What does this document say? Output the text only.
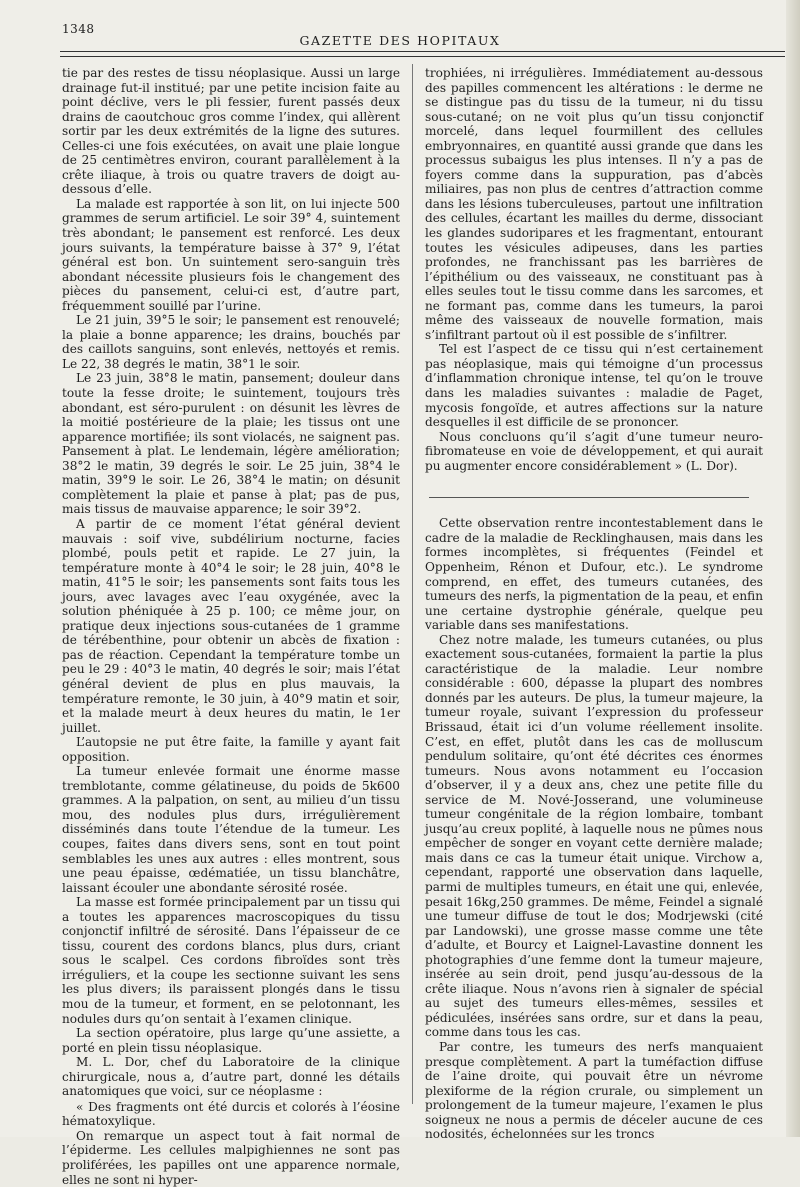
1348
GAZETTE DES HOPITAUX

tie par des restes de tissu néoplasique. Aussi un large drainage fut-il institué; par une petite incision faite au point déclive, vers le pli fessier, furent passés deux drains de caoutchouc gros comme l’index, qui allèrent sortir par les deux extrémités de la ligne des sutures. Celles-ci une fois exécutées, on avait une plaie longue de 25 centimètres environ, courant parallèlement à la crête iliaque, à trois ou quatre travers de doigt au-dessous d’elle.

La malade est rapportée à son lit, on lui injecte 500 grammes de serum artificiel. Le soir 39° 4, suintement très abondant; le pansement est renforcé. Les deux jours suivants, la température baisse à 37° 9, l’état général est bon. Un suintement sero-sanguin très abondant nécessite plusieurs fois le changement des pièces du pansement, celui-ci est, d’autre part, fréquemment souillé par l’urine.

Le 21 juin, 39°5 le soir; le pansement est renouvelé; la plaie a bonne apparence; les drains, bouchés par des caillots sanguins, sont enlevés, nettoyés et remis. Le 22, 38 degrés le matin, 38°1 le soir.

Le 23 juin, 38°8 le matin, pansement; douleur dans toute la fesse droite; le suintement, toujours très abondant, est séro-purulent : on désunit les lèvres de la moitié postérieure de la plaie; les tissus ont une apparence mortifiée; ils sont violacés, ne saignent pas. Pansement à plat. Le lendemain, légère amélioration; 38°2 le matin, 39 degrés le soir. Le 25 juin, 38°4 le matin, 39°9 le soir. Le 26, 38°4 le matin; on désunit complètement la plaie et panse à plat; pas de pus, mais tissus de mauvaise apparence; le soir 39°2.

A partir de ce moment l’état général devient mauvais : soif vive, subdélirium nocturne, facies plombé, pouls petit et rapide. Le 27 juin, la température monte à 40°4 le soir; le 28 juin, 40°8 le matin, 41°5 le soir; les pansements sont faits tous les jours, avec lavages avec l’eau oxygénée, avec la solution phéniquée à 25 p. 100; ce même jour, on pratique deux injections sous-cutanées de 1 gramme de térébenthine, pour obtenir un abcès de fixation : pas de réaction. Cependant la température tombe un peu le 29 : 40°3 le matin, 40 degrés le soir; mais l’état général devient de plus en plus mauvais, la température remonte, le 30 juin, à 40°9 matin et soir, et la malade meurt à deux heures du matin, le 1er juillet.

L’autopsie ne put être faite, la famille y ayant fait opposition.

La tumeur enlevée formait une énorme masse tremblotante, comme gélatineuse, du poids de 5k600 grammes. A la palpation, on sent, au milieu d’un tissu mou, des nodules plus durs, irrégulièrement disséminés dans toute l’étendue de la tumeur. Les coupes, faites dans divers sens, sont en tout point semblables les unes aux autres : elles montrent, sous une peau épaisse, œdématiée, un tissu blanchâtre, laissant écouler une abondante sérosité rosée.

La masse est formée principalement par un tissu qui a toutes les apparences macroscopiques du tissu conjonctif infiltré de sérosité. Dans l’épaisseur de ce tissu, courent des cordons blancs, plus durs, criant sous le scalpel. Ces cordons fibroïdes sont très irréguliers, et la coupe les sectionne suivant les sens les plus divers; ils paraissent plongés dans le tissu mou de la tumeur, et forment, en se pelotonnant, les nodules durs qu’on sentait à l’examen clinique.

La section opératoire, plus large qu’une assiette, a porté en plein tissu néoplasique.

M. L. Dor, chef du Laboratoire de la clinique chirurgicale, nous a, d’autre part, donné les détails anatomiques que voici, sur ce néoplasme :

« Des fragments ont été durcis et colorés à l’éosine hématoxylique.

On remarque un aspect tout à fait normal de l’épiderme. Les cellules malpighiennes ne sont pas proliférées, les papilles ont une apparence normale, elles ne sont ni hyper-

trophiées, ni irrégulières. Immédiatement au-dessous des papilles commencent les altérations : le derme ne se distingue pas du tissu de la tumeur, ni du tissu sous-cutané; on ne voit plus qu’un tissu conjonctif morcelé, dans lequel fourmillent des cellules embryonnaires, en quantité aussi grande que dans les processus subaigus les plus intenses. Il n’y a pas de foyers comme dans la suppuration, pas d’abcès miliaires, pas non plus de centres d’attraction comme dans les lésions tuberculeuses, partout une infiltration des cellules, écartant les mailles du derme, dissociant les glandes sudoripares et les fragmentant, entourant toutes les vésicules adipeuses, dans les parties profondes, ne franchissant pas les barrières de l’épithélium ou des vaisseaux, ne constituant pas à elles seules tout le tissu comme dans les sarcomes, et ne formant pas, comme dans les tumeurs, la paroi même des vaisseaux de nouvelle formation, mais s’infiltrant partout où il est possible de s’infiltrer.

Tel est l’aspect de ce tissu qui n’est certainement pas néoplasique, mais qui témoigne d’un processus d’inflammation chronique intense, tel qu’on le trouve dans les maladies suivantes : maladie de Paget, mycosis fongoïde, et autres affections sur la nature desquelles il est difficile de se prononcer.

Nous concluons qu’il s’agit d’une tumeur neuro-fibromateuse en voie de développement, et qui aurait pu augmenter encore considérablement » (L. Dor).

Cette observation rentre incontestablement dans le cadre de la maladie de Recklinghausen, mais dans les formes incomplètes, si fréquentes (Feindel et Oppenheim, Rénon et Dufour, etc.). Le syndrome comprend, en effet, des tumeurs cutanées, des tumeurs des nerfs, la pigmentation de la peau, et enfin une certaine dystrophie générale, quelque peu variable dans ses manifestations.

Chez notre malade, les tumeurs cutanées, ou plus exactement sous-cutanées, formaient la partie la plus caractéristique de la maladie. Leur nombre considérable : 600, dépasse la plupart des nombres donnés par les auteurs. De plus, la tumeur majeure, la tumeur royale, suivant l’expression du professeur Brissaud, était ici d’un volume réellement insolite. C’est, en effet, plutôt dans les cas de molluscum pendulum solitaire, qu’ont été décrites ces énormes tumeurs. Nous avons notamment eu l’occasion d’observer, il y a deux ans, chez une petite fille du service de M. Nové-Josserand, une volumineuse tumeur congénitale de la région lombaire, tombant jusqu’au creux poplité, à laquelle nous ne pûmes nous empêcher de songer en voyant cette dernière malade; mais dans ce cas la tumeur était unique. Virchow a, cependant, rapporté une observation dans laquelle, parmi de multiples tumeurs, en était une qui, enlevée, pesait 16kg,250 grammes. De même, Feindel a signalé une tumeur diffuse de tout le dos; Modrjewski (cité par Landowski), une grosse masse comme une tête d’adulte, et Bourcy et Laignel-Lavastine donnent les photographies d’une femme dont la tumeur majeure, insérée au sein droit, pend jusqu’au-dessous de la crête iliaque. Nous n’avons rien à signaler de spécial au sujet des tumeurs elles-mêmes, sessiles et pédiculées, insérées sans ordre, sur et dans la peau, comme dans tous les cas.

Par contre, les tumeurs des nerfs manquaient presque complètement. A part la tuméfaction diffuse de l’aine droite, qui pouvait être un névrome plexiforme de la région crurale, ou simplement un prolongement de la tumeur majeure, l’examen le plus soigneux ne nous a permis de déceler aucune de ces nodosités, échelonnées sur les troncs
